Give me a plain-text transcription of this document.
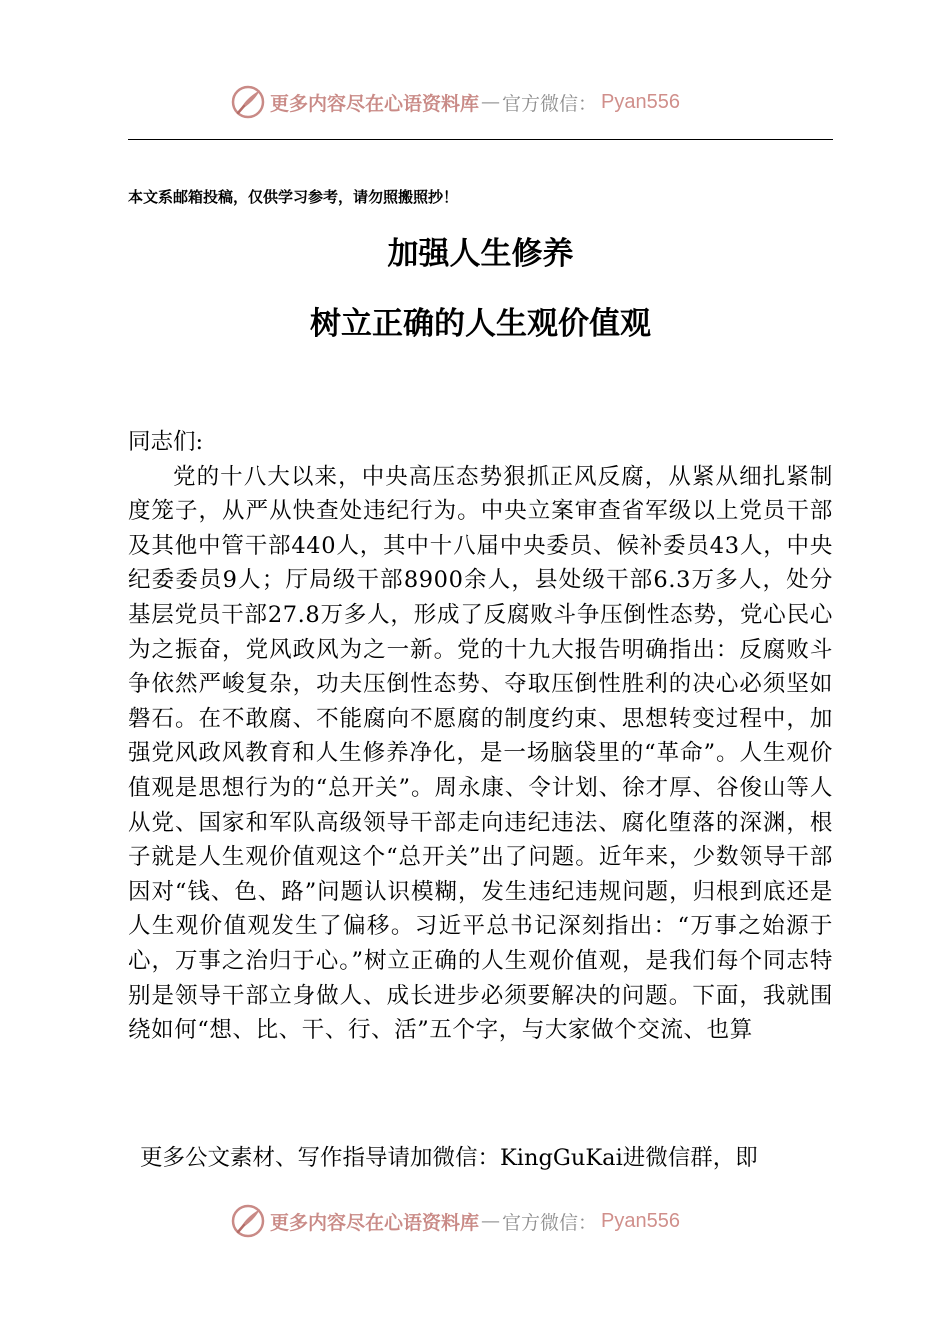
更多内容尽在心语资料库 — 官方微信： Pyan556
本文系邮箱投稿，仅供学习参考，请勿照搬照抄！
加强人生修养
树立正确的人生观价值观
同志们:
党的十八大以来，中央高压态势狠抓正风反腐，从紧从细扎紧制度笼子，从严从快查处违纪行为。中央立案审查省军级以上党员干部及其他中管干部440人，其中十八届中央委员、候补委员43人，中央纪委委员9人；厅局级干部8900余人，县处级干部6.3万多人，处分基层党员干部27.8万多人，形成了反腐败斗争压倒性态势，党心民心为之振奋，党风政风为之一新。党的十九大报告明确指出：反腐败斗争依然严峻复杂，功夫压倒性态势、夺取压倒性胜利的决心必须坚如磐石。在不敢腐、不能腐向不愿腐的制度约束、思想转变过程中，加强党风政风教育和人生修养净化，是一场脑袋里的“革命”。人生观价值观是思想行为的“总开关”。周永康、令计划、徐才厚、谷俊山等人从党、国家和军队高级领导干部走向违纪违法、腐化堕落的深渊，根子就是人生观价值观这个“总开关”出了问题。近年来，少数领导干部因对“钱、色、路”问题认识模糊，发生违纪违规问题，归根到底还是人生观价值观发生了偏移。习近平总书记深刻指出：“万事之始源于心，万事之治归于心。”树立正确的人生观价值观，是我们每个同志特别是领导干部立身做人、成长进步必须要解决的问题。下面，我就围绕如何“想、比、干、行、活”五个字，与大家做个交流、也算
更多公文素材、写作指导请加微信：KingGuKai进微信群，即
更多内容尽在心语资料库 — 官方微信： Pyan556
